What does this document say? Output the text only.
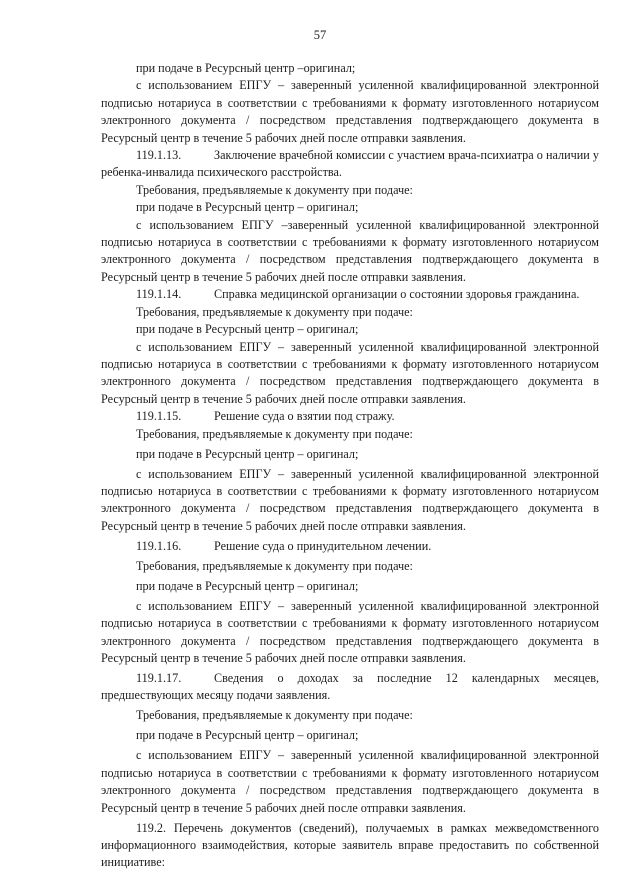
57

при подаче в Ресурсный центр –оригинал;

с использованием ЕПГУ – заверенный усиленной квалифицированной электронной подписью нотариуса в соответствии с требованиями к формату изготовленного нотариусом электронного документа / посредством представления подтверждающего документа в Ресурсный центр в течение 5 рабочих дней после отправки заявления.

119.1.13.	Заключение врачебной комиссии с участием врача-психиатра о наличии у ребенка-инвалида психического расстройства.

Требования, предъявляемые к документу при подаче:

при подаче в Ресурсный центр – оригинал;

с использованием ЕПГУ –заверенный усиленной квалифицированной электронной подписью нотариуса в соответствии с требованиями к формату изготовленного нотариусом электронного документа / посредством представления подтверждающего документа в Ресурсный центр в течение 5 рабочих дней после отправки заявления.

119.1.14.	Справка медицинской организации о состоянии здоровья гражданина.

Требования, предъявляемые к документу при подаче:

при подаче в Ресурсный центр – оригинал;

с использованием ЕПГУ – заверенный усиленной квалифицированной электронной подписью нотариуса в соответствии с требованиями к формату изготовленного нотариусом электронного документа / посредством представления подтверждающего документа в Ресурсный центр в течение 5 рабочих дней после отправки заявления.

119.1.15.	Решение суда о взятии под стражу.

Требования, предъявляемые к документу при подаче:

при подаче в Ресурсный центр – оригинал;

с использованием ЕПГУ – заверенный усиленной квалифицированной электронной подписью нотариуса в соответствии с требованиями к формату изготовленного нотариусом электронного документа / посредством представления подтверждающего документа в Ресурсный центр в течение 5 рабочих дней после отправки заявления.

119.1.16.	Решение суда о принудительном лечении.

Требования, предъявляемые к документу при подаче:

при подаче в Ресурсный центр – оригинал;

с использованием ЕПГУ – заверенный усиленной квалифицированной электронной подписью нотариуса в соответствии с требованиями к формату изготовленного нотариусом электронного документа / посредством представления подтверждающего документа в Ресурсный центр в течение 5 рабочих дней после отправки заявления.

119.1.17.	Сведения о доходах за последние 12 календарных месяцев, предшествующих месяцу подачи заявления.

Требования, предъявляемые к документу при подаче:

при подаче в Ресурсный центр – оригинал;

с использованием ЕПГУ – заверенный усиленной квалифицированной электронной подписью нотариуса в соответствии с требованиями к формату изготовленного нотариусом электронного документа / посредством представления подтверждающего документа в Ресурсный центр в течение 5 рабочих дней после отправки заявления.

119.2. Перечень документов (сведений), получаемых в рамках межведомственного информационного взаимодействия, которые заявитель вправе предоставить по собственной инициативе:
